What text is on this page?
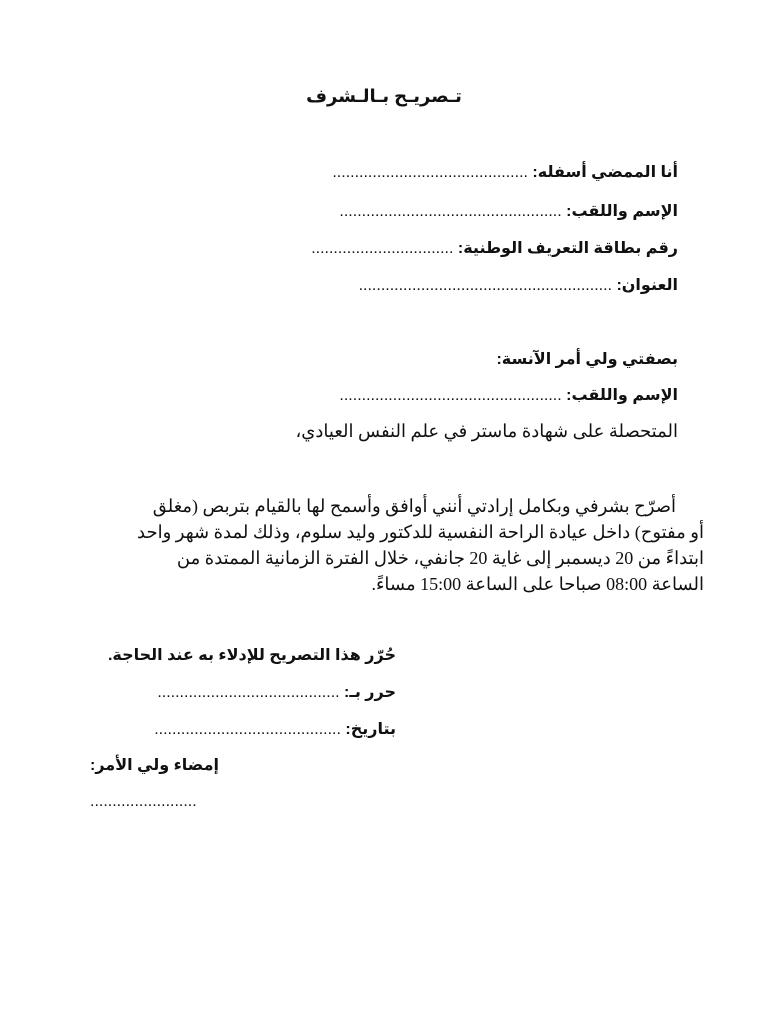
تـصريـح بـالـشرف
أنا الممضي أسفله: ............................................
الإسم واللقب: ..................................................
رقم بطاقة التعريف الوطنية: ................................
العنوان: .........................................................
بصفتي ولي أمر الآنسة:
الإسم واللقب: ..................................................
المتحصلة على شهادة ماستر في علم النفس العيادي،
أصرّح بشرفي وبكامل إرادتي أنني أوافق وأسمح لها بالقيام بتربص (مغلق
أو مفتوح) داخل عيادة الراحة النفسية للدكتور وليد سلوم، وذلك لمدة شهر واحد
ابتداءً من 20 ديسمبر إلى غاية 20 جانفي، خلال الفترة الزمانية الممتدة من
الساعة 08:00 صباحا على الساعة 15:00 مساءً.
حُرّر هذا التصريح للإدلاء به عند الحاجة.
حرر بـ: .........................................
بتاريخ: ..........................................
إمضاء ولي الأمر:
........................
